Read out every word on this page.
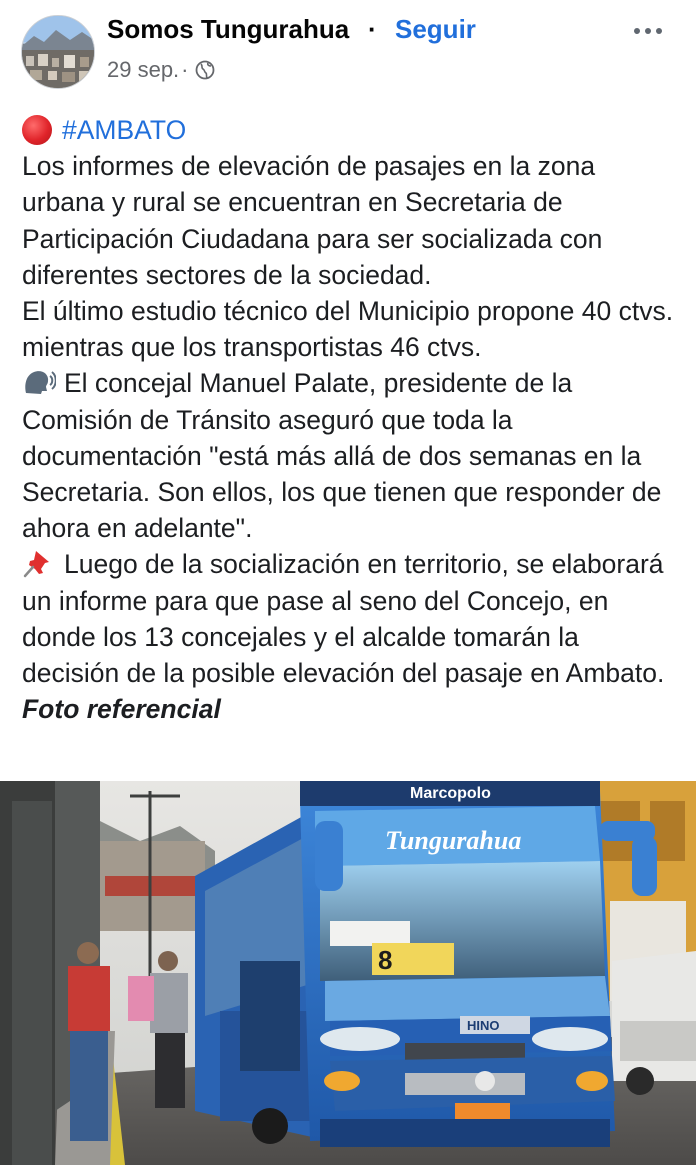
Somos Tungurahua · Seguir
29 sep. ·

#AMBATO

Los informes de elevación de pasajes en la zona urbana y rural se encuentran en Secretaria de Participación Ciudadana para ser socializada con diferentes sectores de la sociedad.

El último estudio técnico del Municipio propone 40 ctvs. mientras que los transportistas 46 ctvs.

El concejal Manuel Palate, presidente de la Comisión de Tránsito aseguró que toda la documentación "está más allá de dos semanas en la Secretaria. Son ellos, los que tienen que responder de ahora en adelante".

Luego de la socialización en territorio, se elaborará un informe para que pase al seno del Concejo, en donde los 13 concejales y el alcalde tomarán la decisión de la posible elevación del pasaje en Ambato.

Foto referencial

Marcopolo
Tungurahua
8
HINO
